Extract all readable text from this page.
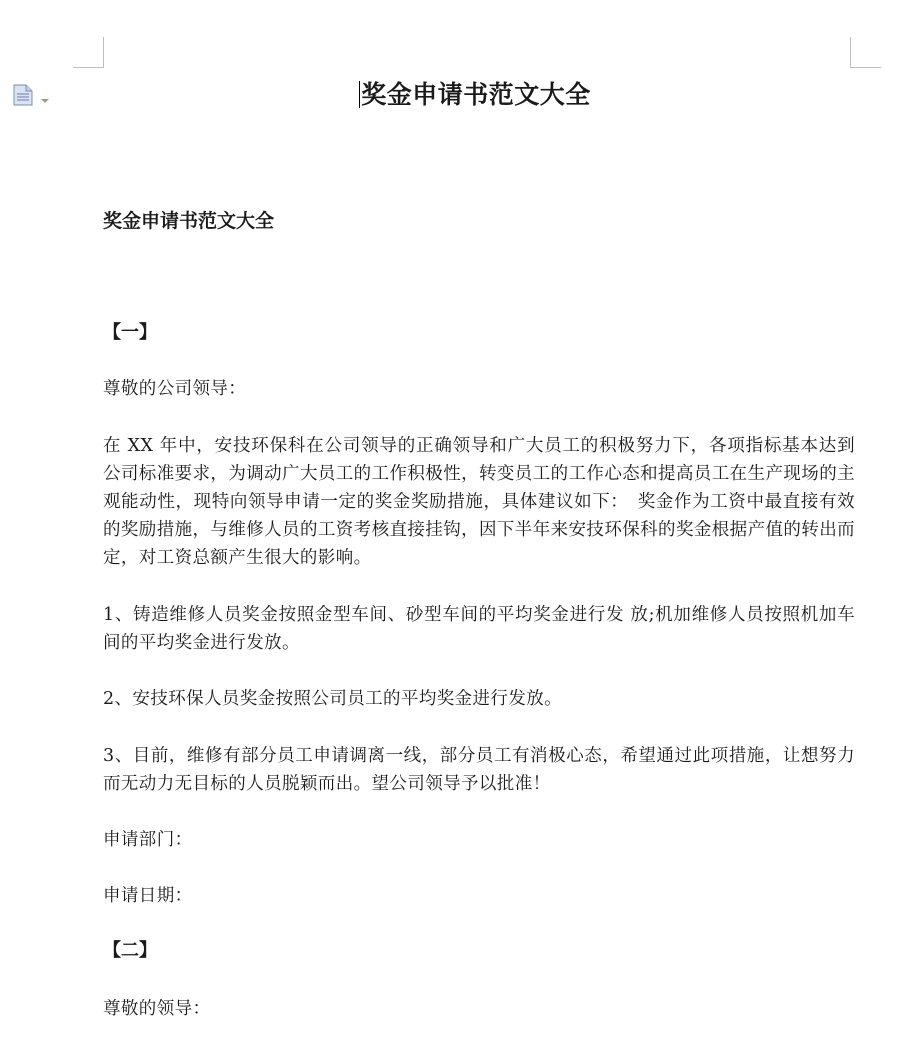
奖金申请书范文大全
奖金申请书范文大全
【一】
尊敬的公司领导：
在 XX 年中，安技环保科在公司领导的正确领导和广大员工的积极努力下，各项指标基本达到公司标准要求，为调动广大员工的工作积极性，转变员工的工作心态和提高员工在生产现场的主观能动性，现特向领导申请一定的奖金奖励措施，具体建议如下：　奖金作为工资中最直接有效的奖励措施，与维修人员的工资考核直接挂钩，因下半年来安技环保科的奖金根据产值的转出而定，对工资总额产生很大的影响。
1、铸造维修人员奖金按照金型车间、砂型车间的平均奖金进行发 放;机加维修人员按照机加车间的平均奖金进行发放。
2、安技环保人员奖金按照公司员工的平均奖金进行发放。
3、目前，维修有部分员工申请调离一线，部分员工有消极心态，希望通过此项措施，让想努力而无动力无目标的人员脱颖而出。望公司领导予以批准！
申请部门：
申请日期：
【二】
尊敬的领导：
